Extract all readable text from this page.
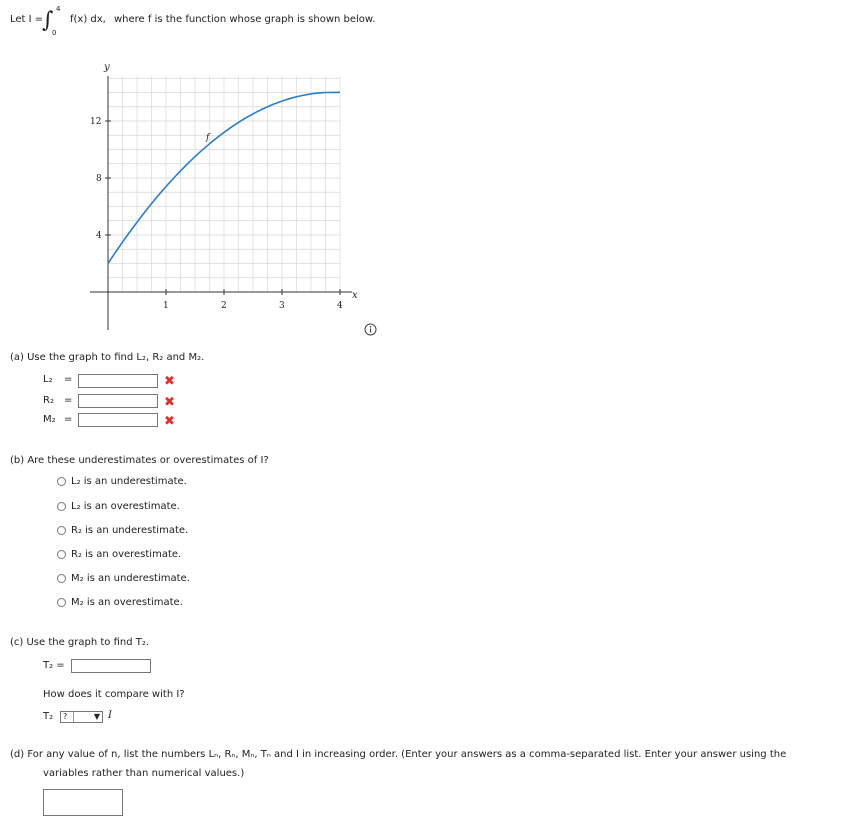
Let I =
∫ 4
0
f(x) dx, where f is the function whose graph is shown below.
y
x
f
1	2	3	4
4
8
12
(a) Use the graph to find L₂, R₂ and M₂.
L₂ =	✖
R₂ =	✖
M₂ =	✖
(b) Are these underestimates or overestimates of I?
L₂ is an underestimate.
L₂ is an overestimate.
R₂ is an underestimate.
R₂ is an overestimate.
M₂ is an underestimate.
M₂ is an overestimate.
(c) Use the graph to find T₂.
T₂ =
How does it compare with I?
T₂	?	▼ I
(d) For any value of n, list the numbers Lₙ, Rₙ, Mₙ, Tₙ and I in increasing order. (Enter your answers as a comma-separated list. Enter your answer using the
variables rather than numerical values.)
